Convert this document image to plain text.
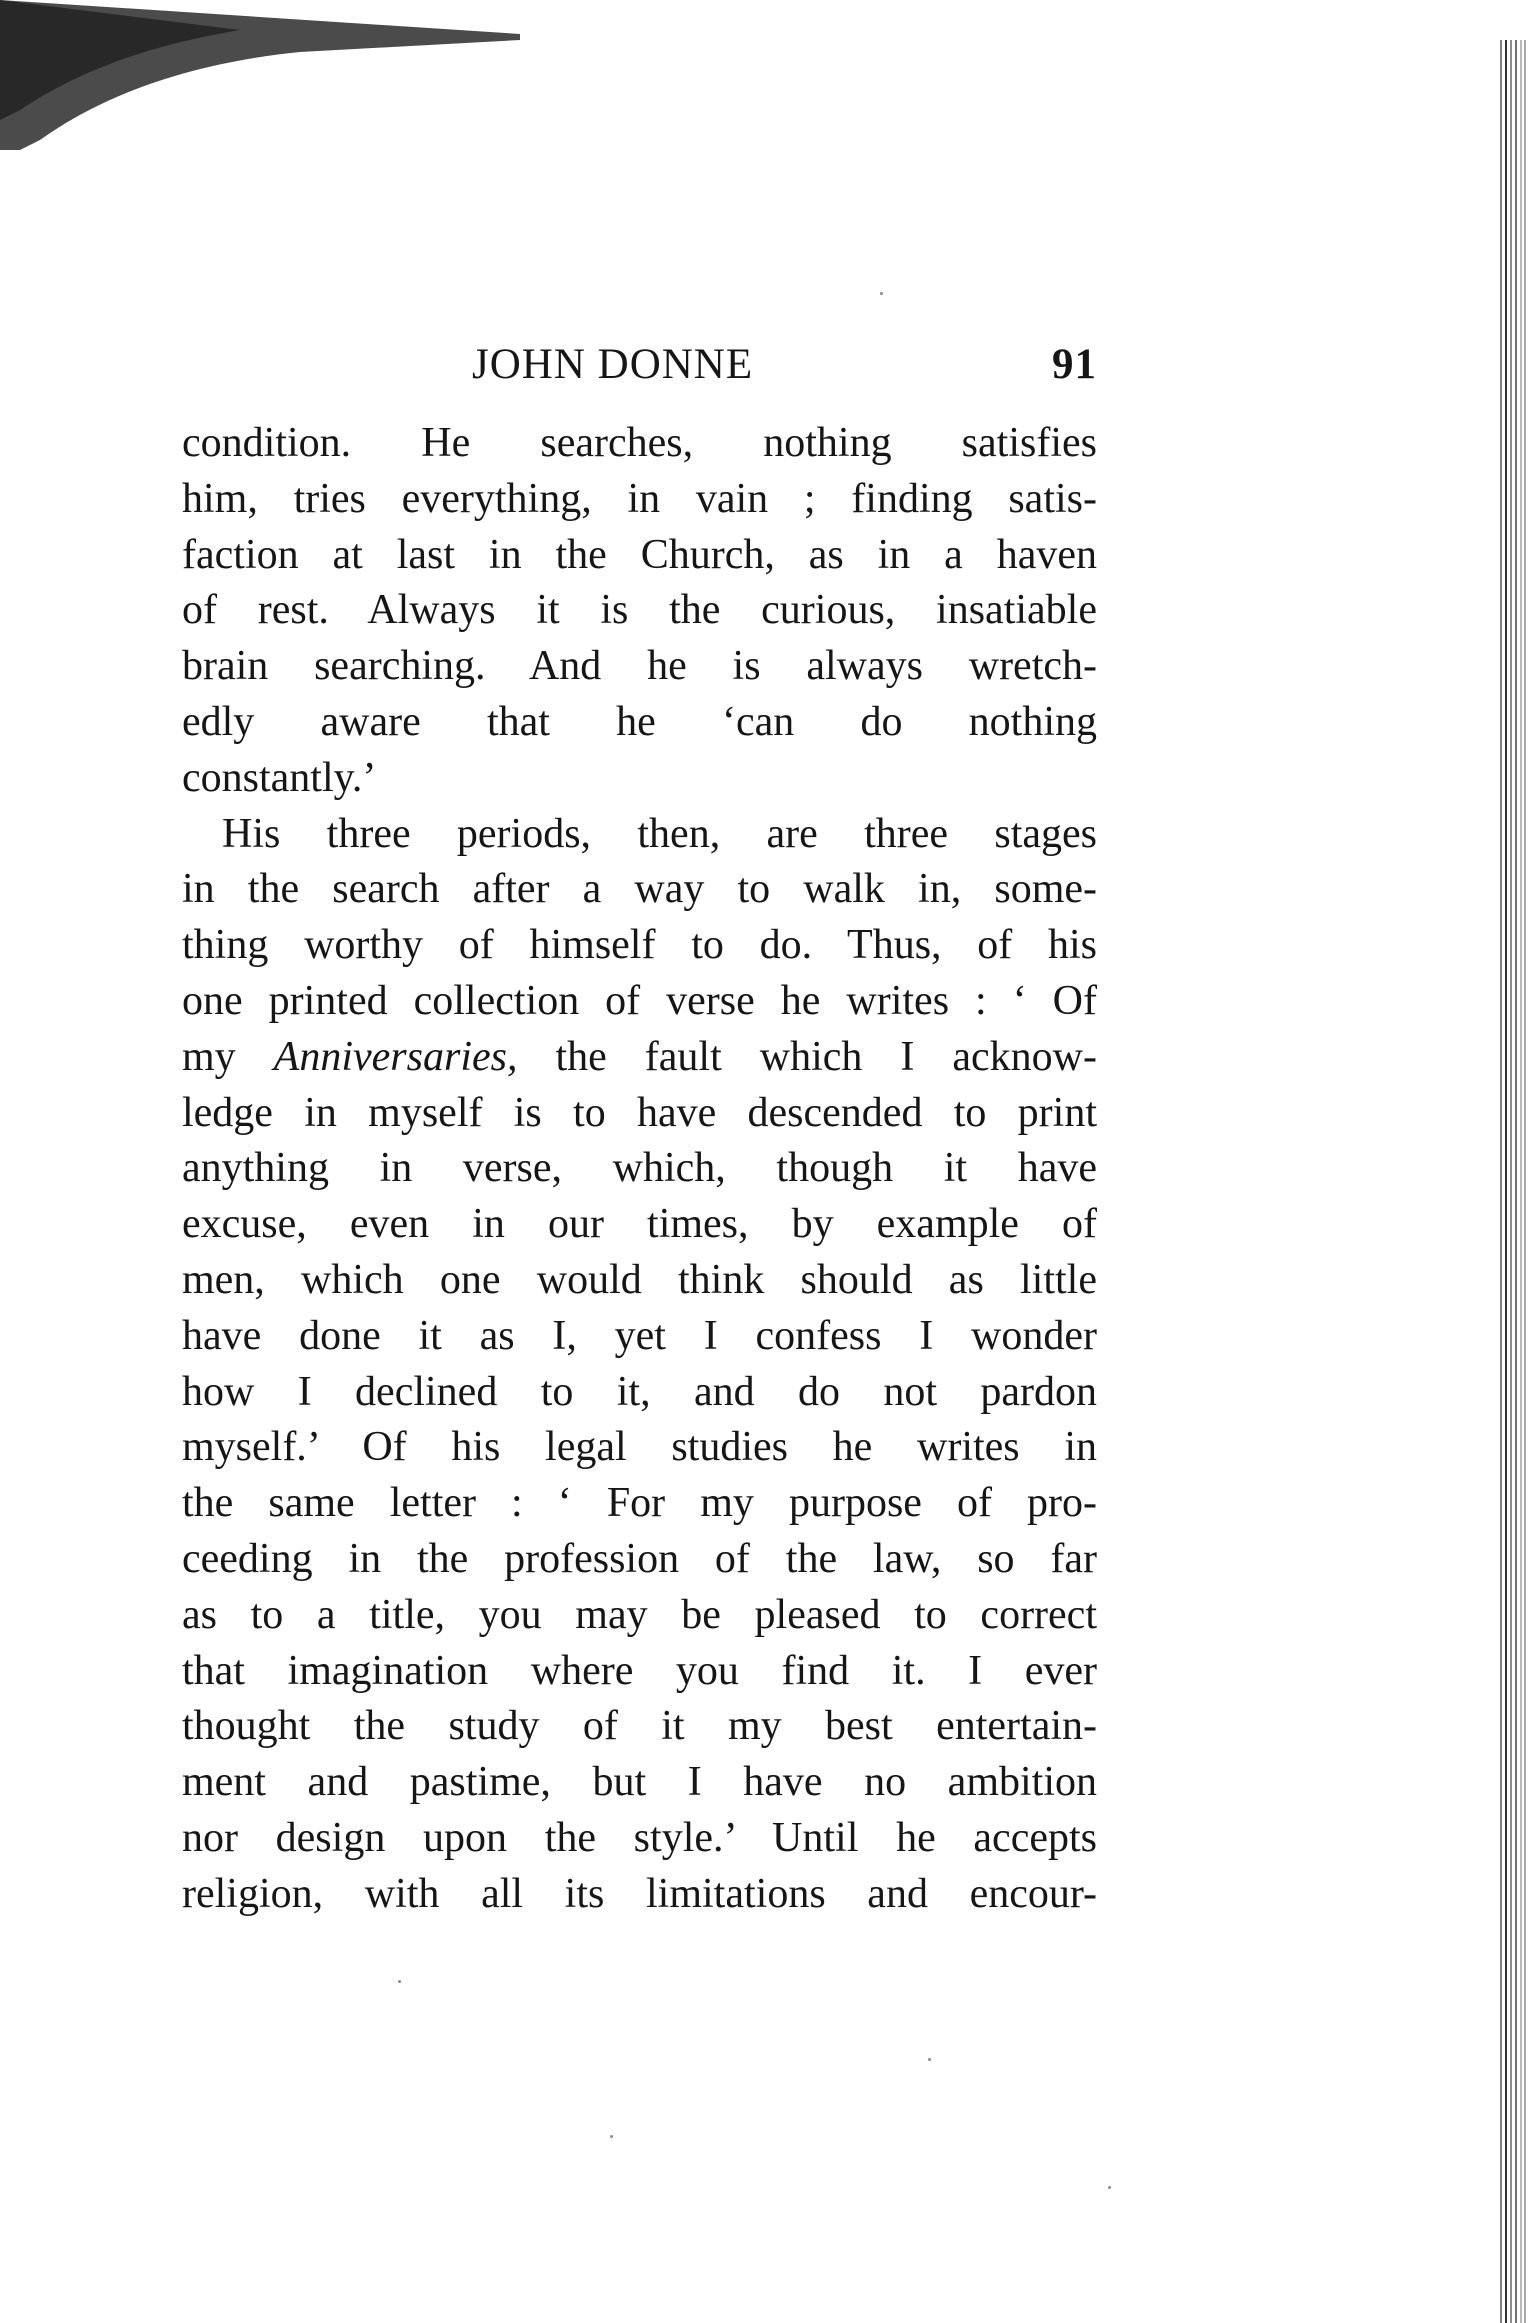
JOHN DONNE	91
condition. He searches, nothing satisfies
him, tries everything, in vain ; finding satis-
faction at last in the Church, as in a haven
of rest. Always it is the curious, insatiable
brain searching. And he is always wretch-
edly aware that he ‘can do nothing
constantly.’
His three periods, then, are three stages
in the search after a way to walk in, some-
thing worthy of himself to do. Thus, of his
one printed collection of verse he writes : ‘ Of
my Anniversaries, the fault which I acknow-
ledge in myself is to have descended to print
anything in verse, which, though it have
excuse, even in our times, by example of
men, which one would think should as little
have done it as I, yet I confess I wonder
how I declined to it, and do not pardon
myself.’ Of his legal studies he writes in
the same letter : ‘ For my purpose of pro-
ceeding in the profession of the law, so far
as to a title, you may be pleased to correct
that imagination where you find it. I ever
thought the study of it my best entertain-
ment and pastime, but I have no ambition
nor design upon the style.’ Until he accepts
religion, with all its limitations and encour-
